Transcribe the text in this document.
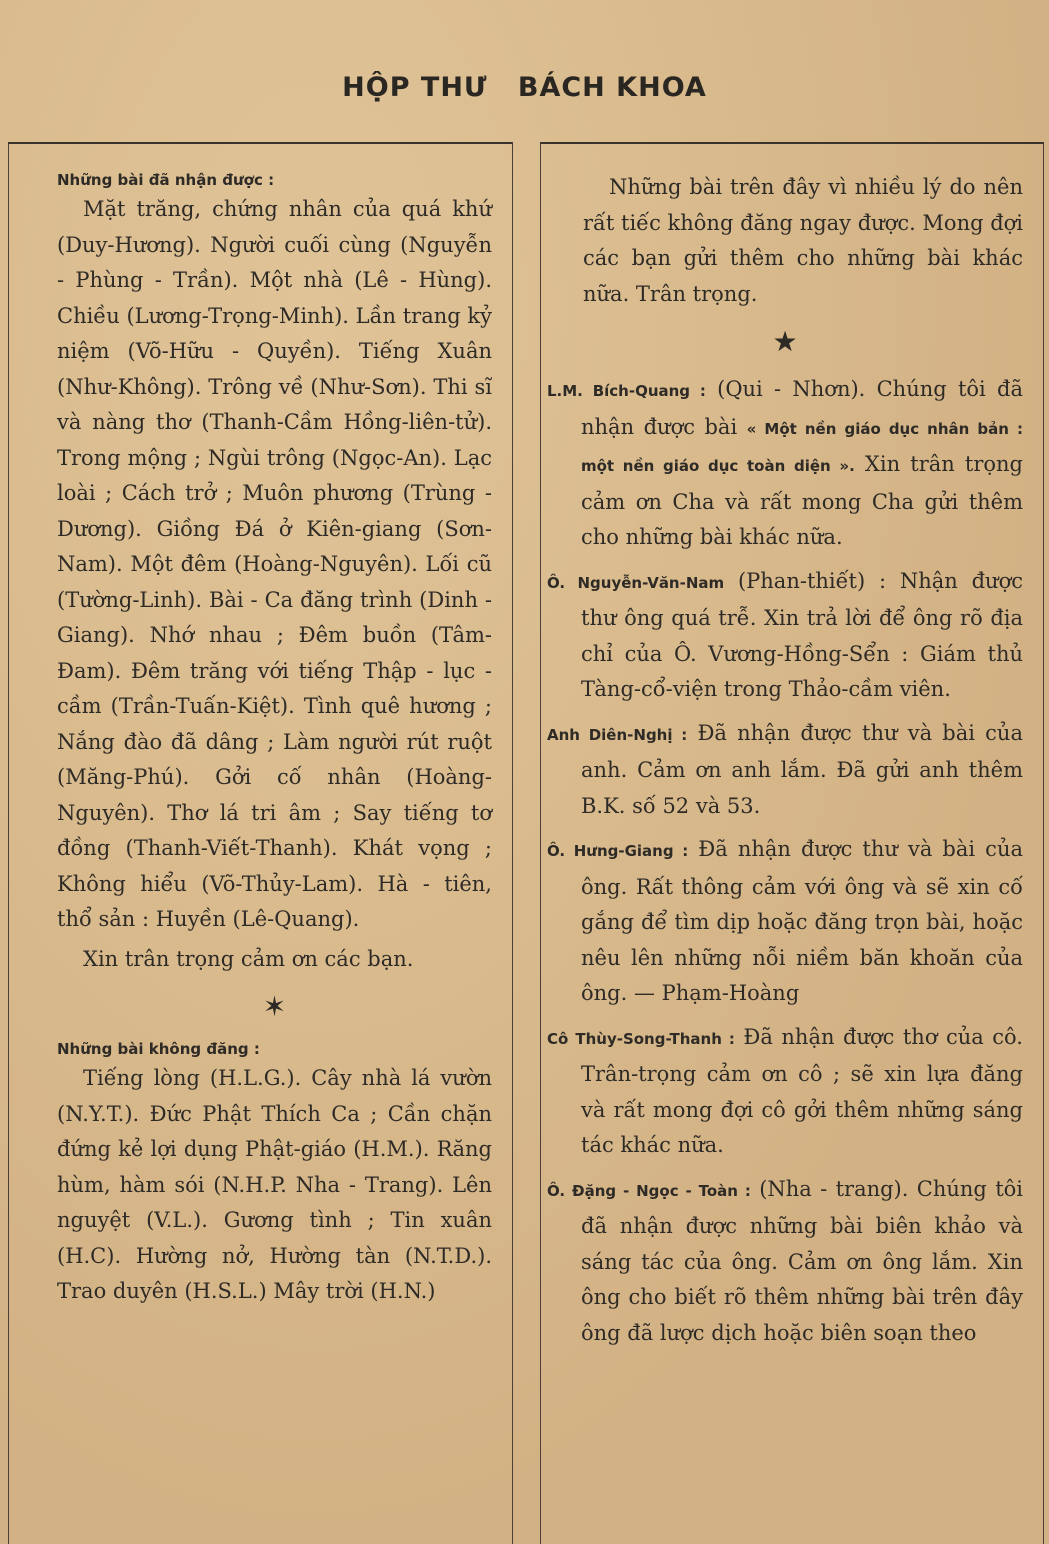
HỘP THƯ BÁCH KHOA

Những bài đã nhận được :

Mặt trăng, chứng nhân của quá khứ (Duy-Hương). Người cuối cùng (Nguyễn - Phùng - Trần). Một nhà (Lê - Hùng). Chiều (Lương-Trọng-Minh). Lần trang kỷ niệm (Võ-Hữu - Quyền). Tiếng Xuân (Như-Không). Trông về (Như-Sơn). Thi sĩ và nàng thơ (Thanh-Cầm Hồng-liên-tử). Trong mộng ; Ngùi trông (Ngọc-An). Lạc loài ; Cách trở ; Muôn phương (Trùng - Dương). Giồng Đá ở Kiên-giang (Sơn-Nam). Một đêm (Hoàng-Nguyên). Lối cũ (Tường-Linh). Bài - Ca đăng trình (Dinh - Giang). Nhớ nhau ; Đêm buồn (Tâm-Đam). Đêm trăng với tiếng Thập - lục - cầm (Trần-Tuấn-Kiệt). Tình quê hương ; Nắng đào đã dâng ; Làm người rút ruột (Măng-Phú). Gởi cố nhân (Hoàng-Nguyên). Thơ lá tri âm ; Say tiếng tơ đồng (Thanh-Viết-Thanh). Khát vọng ; Không hiểu (Võ-Thủy-Lam). Hà - tiên, thổ sản : Huyền (Lê-Quang).

Xin trân trọng cảm ơn các bạn.

✶

Những bài không đăng :

Tiếng lòng (H.L.G.). Cây nhà lá vườn (N.Y.T.). Đức Phật Thích Ca ; Cần chặn đứng kẻ lợi dụng Phật-giáo (H.M.). Răng hùm, hàm sói (N.H.P. Nha - Trang). Lên nguyệt (V.L.). Gương tình ; Tin xuân (H.C). Hường nở, Hường tàn (N.T.D.). Trao duyên (H.S.L.) Mây trời (H.N.)

Những bài trên đây vì nhiều lý do nên rất tiếc không đăng ngay được. Mong đợi các bạn gửi thêm cho những bài khác nữa. Trân trọng.

★

L.M. Bích-Quang : (Qui - Nhơn). Chúng tôi đã nhận được bài « Một nền giáo dục nhân bản : một nền giáo dục toàn diện ». Xin trân trọng cảm ơn Cha và rất mong Cha gửi thêm cho những bài khác nữa.

Ô. Nguyễn-Văn-Nam (Phan-thiết) : Nhận được thư ông quá trễ. Xin trả lời để ông rõ địa chỉ của Ô. Vương-Hồng-Sển : Giám thủ Tàng-cổ-viện trong Thảo-cầm viên.

Anh Diên-Nghị : Đã nhận được thư và bài của anh. Cảm ơn anh lắm. Đã gửi anh thêm B.K. số 52 và 53.

Ô. Hưng-Giang : Đã nhận được thư và bài của ông. Rất thông cảm với ông và sẽ xin cố gắng để tìm dịp hoặc đăng trọn bài, hoặc nêu lên những nỗi niềm băn khoăn của ông. — Phạm-Hoàng

Cô Thùy-Song-Thanh : Đã nhận được thơ của cô. Trân-trọng cảm ơn cô ; sẽ xin lựa đăng và rất mong đợi cô gởi thêm những sáng tác khác nữa.

Ô. Đặng - Ngọc - Toàn : (Nha - trang). Chúng tôi đã nhận được những bài biên khảo và sáng tác của ông. Cảm ơn ông lắm. Xin ông cho biết rõ thêm những bài trên đây ông đã lược dịch hoặc biên soạn theo
